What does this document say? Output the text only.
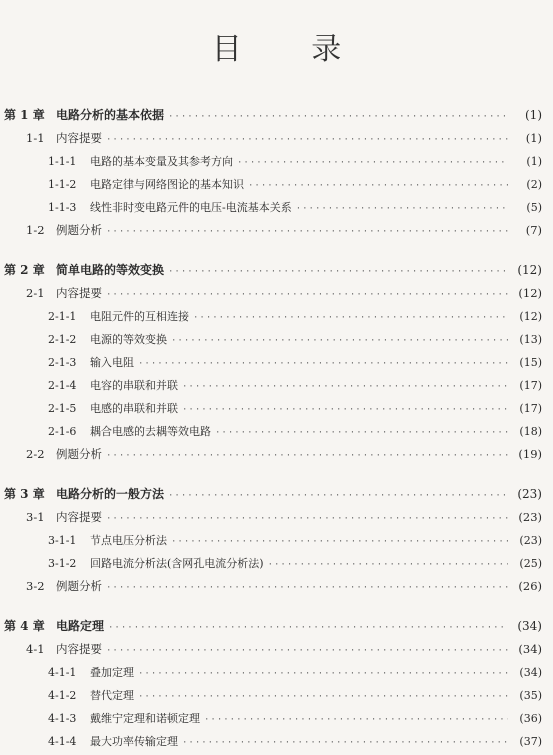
目 录
第 1 章 电路分析的基本依据 ·····	(1)
1-1 内容提要 ·····	(1)
1-1-1	电路的基本变量及其参考方向 ·····	(1)
1-1-2	电路定律与网络图论的基本知识 ·····	(2)
1-1-3	线性非时变电路元件的电压-电流基本关系 ·····	(5)
1-2 例题分析 ·····	(7)
第 2 章 简单电路的等效变换 ·····	(12)
2-1 内容提要 ·····	(12)
2-1-1	电阻元件的互相连接 ·····	(12)
2-1-2	电源的等效变换 ·····	(13)
2-1-3	输入电阻 ·····	(15)
2-1-4	电容的串联和并联 ·····	(17)
2-1-5	电感的串联和并联 ·····	(17)
2-1-6	耦合电感的去耦等效电路 ·····	(18)
2-2 例题分析 ·····	(19)
第 3 章 电路分析的一般方法 ·····	(23)
3-1 内容提要 ·····	(23)
3-1-1	节点电压分析法 ·····	(23)
3-1-2	回路电流分析法(含网孔电流分析法) ·····	(25)
3-2 例题分析 ·····	(26)
第 4 章 电路定理 ·····	(34)
4-1 内容提要 ·····	(34)
4-1-1	叠加定理 ·····	(34)
4-1-2	替代定理 ·····	(35)
4-1-3	戴维宁定理和诺顿定理 ·····	(36)
4-1-4	最大功率传输定理 ·····	(37)
